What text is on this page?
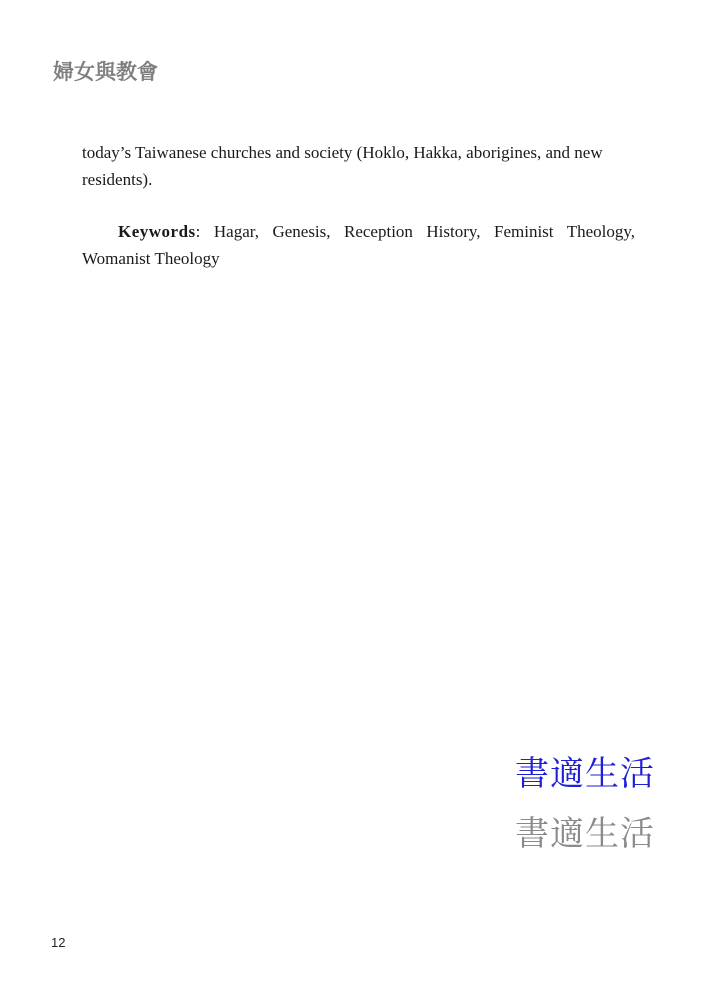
婦女與教會
today’s Taiwanese churches and society (Hoklo, Hakka, aborigines, and new
residents).
Keywords: Hagar, Genesis, Reception History, Feminist Theology, Womanist Theology
書適生活
書適生活
12
